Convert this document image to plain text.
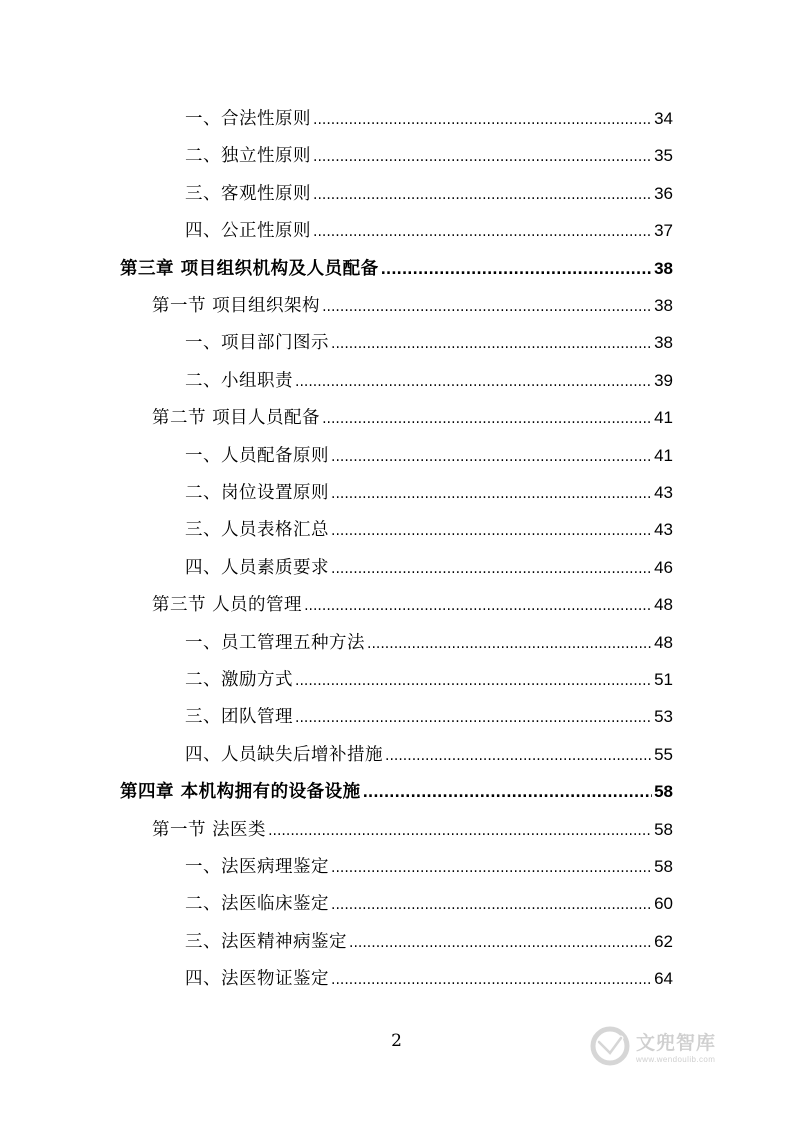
一、合法性原则 .....	34
二、独立性原则 .....	35
三、客观性原则 .....	36
四、公正性原则 .....	37
第三章 项目组织机构及人员配备 .....	38
第一节 项目组织架构 .....	38
一、项目部门图示 .....	38
二、小组职责 .....	39
第二节 项目人员配备 .....	41
一、人员配备原则 .....	41
二、岗位设置原则 .....	43
三、人员表格汇总 .....	43
四、人员素质要求 .....	46
第三节 人员的管理 .....	48
一、员工管理五种方法 .....	48
二、激励方式 .....	51
三、团队管理 .....	53
四、人员缺失后增补措施 .....	55
第四章 本机构拥有的设备设施 .....	58
第一节 法医类 .....	58
一、法医病理鉴定 .....	58
二、法医临床鉴定 .....	60
三、法医精神病鉴定 .....	62
四、法医物证鉴定 .....	64
2	文兜智库
www.wendoulib.com
